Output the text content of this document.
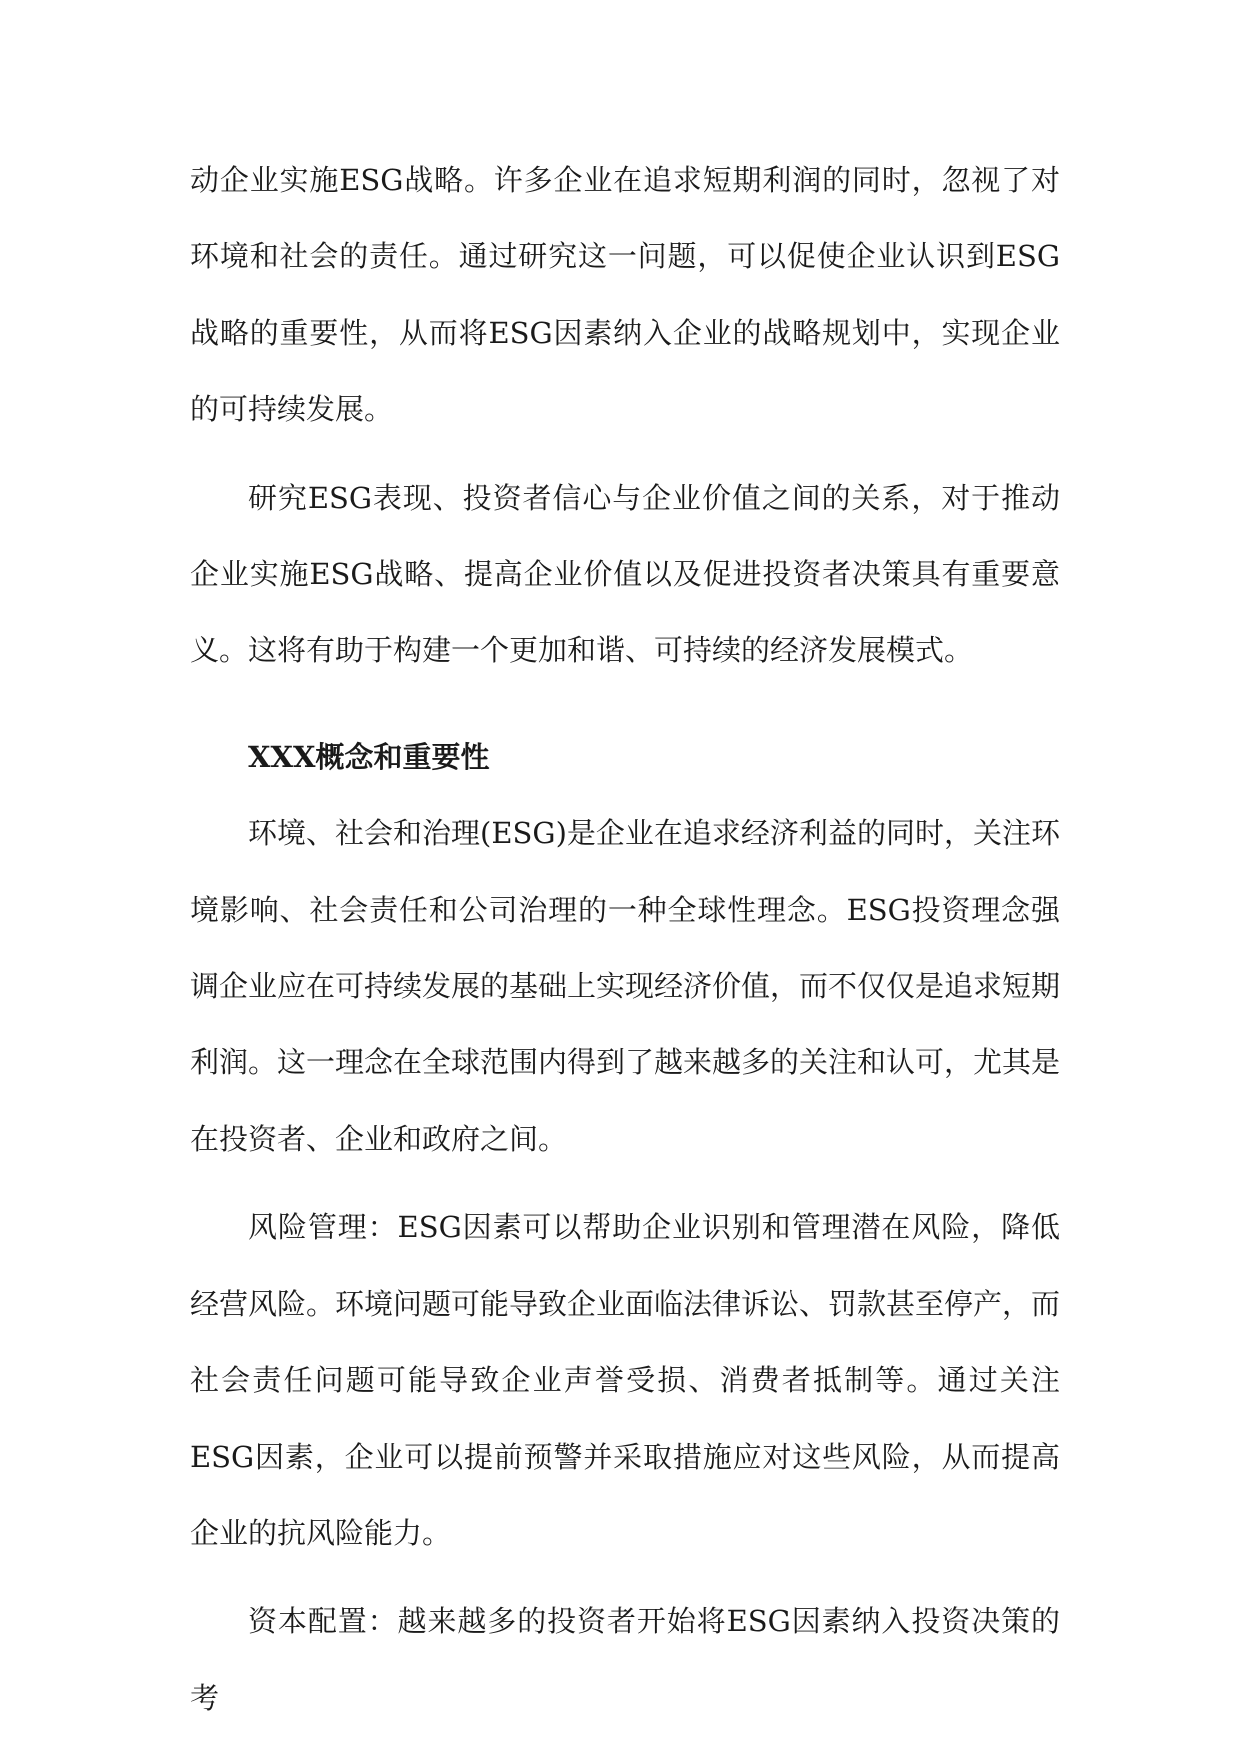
动企业实施ESG战略。许多企业在追求短期利润的同时，忽视了对环境和社会的责任。通过研究这一问题，可以促使企业认识到ESG战略的重要性，从而将ESG因素纳入企业的战略规划中，实现企业的可持续发展。

研究ESG表现、投资者信心与企业价值之间的关系，对于推动企业实施ESG战略、提高企业价值以及促进投资者决策具有重要意义。这将有助于构建一个更加和谐、可持续的经济发展模式。

XXX概念和重要性

环境、社会和治理(ESG)是企业在追求经济利益的同时，关注环境影响、社会责任和公司治理的一种全球性理念。ESG投资理念强调企业应在可持续发展的基础上实现经济价值，而不仅仅是追求短期利润。这一理念在全球范围内得到了越来越多的关注和认可，尤其是在投资者、企业和政府之间。

风险管理：ESG因素可以帮助企业识别和管理潜在风险，降低经营风险。环境问题可能导致企业面临法律诉讼、罚款甚至停产，而社会责任问题可能导致企业声誉受损、消费者抵制等。通过关注ESG因素，企业可以提前预警并采取措施应对这些风险，从而提高企业的抗风险能力。

资本配置：越来越多的投资者开始将ESG因素纳入投资决策的考
